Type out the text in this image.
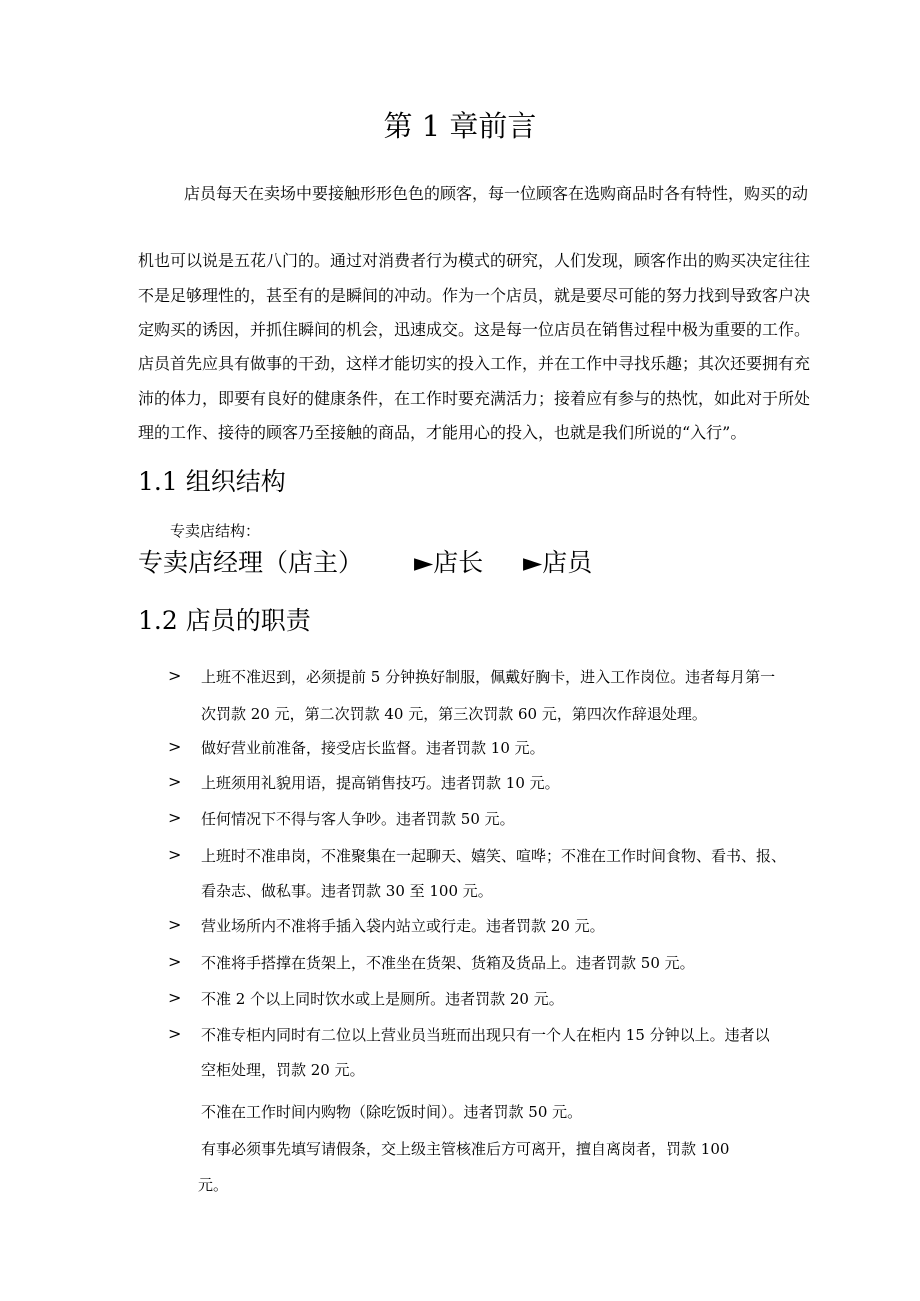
第 1 章前言
店员每天在卖场中要接触形形色色的顾客，每一位顾客在选购商品时各有特性，购买的动
机也可以说是五花八门的。通过对消费者行为模式的研究，人们发现，顾客作出的购买决定往往
不是足够理性的，甚至有的是瞬间的冲动。作为一个店员，就是要尽可能的努力找到导致客户决
定购买的诱因，并抓住瞬间的机会，迅速成交。这是每一位店员在销售过程中极为重要的工作。
店员首先应具有做事的干劲，这样才能切实的投入工作，并在工作中寻找乐趣；其次还要拥有充
沛的体力，即要有良好的健康条件，在工作时要充满活力；接着应有参与的热忱，如此对于所处
理的工作、接待的顾客乃至接触的商品，才能用心的投入，也就是我们所说的“入行”。
1.1 组织结构
专卖店结构：
专卖店经理（店主） ►店长 ►店员
1.2 店员的职责
> 上班不准迟到，必须提前 5 分钟换好制服，佩戴好胸卡，进入工作岗位。违者每月第一
次罚款 20 元，第二次罚款 40 元，第三次罚款 60 元，第四次作辞退处理。
> 做好营业前准备，接受店长监督。违者罚款 10 元。
> 上班须用礼貌用语，提高销售技巧。违者罚款 10 元。
> 任何情况下不得与客人争吵。违者罚款 50 元。
> 上班时不准串岗，不准聚集在一起聊天、嬉笑、喧哗；不准在工作时间食物、看书、报、
看杂志、做私事。违者罚款 30 至 100 元。
> 营业场所内不准将手插入袋内站立或行走。违者罚款 20 元。
> 不准将手搭撑在货架上，不准坐在货架、货箱及货品上。违者罚款 50 元。
> 不准 2 个以上同时饮水或上是厕所。违者罚款 20 元。
> 不准专柜内同时有二位以上营业员当班而出现只有一个人在柜内 15 分钟以上。违者以
空柜处理，罚款 20 元。
不准在工作时间内购物（除吃饭时间）。违者罚款 50 元。
有事必须事先填写请假条，交上级主管核准后方可离开，擅自离岗者，罚款 100
元。
